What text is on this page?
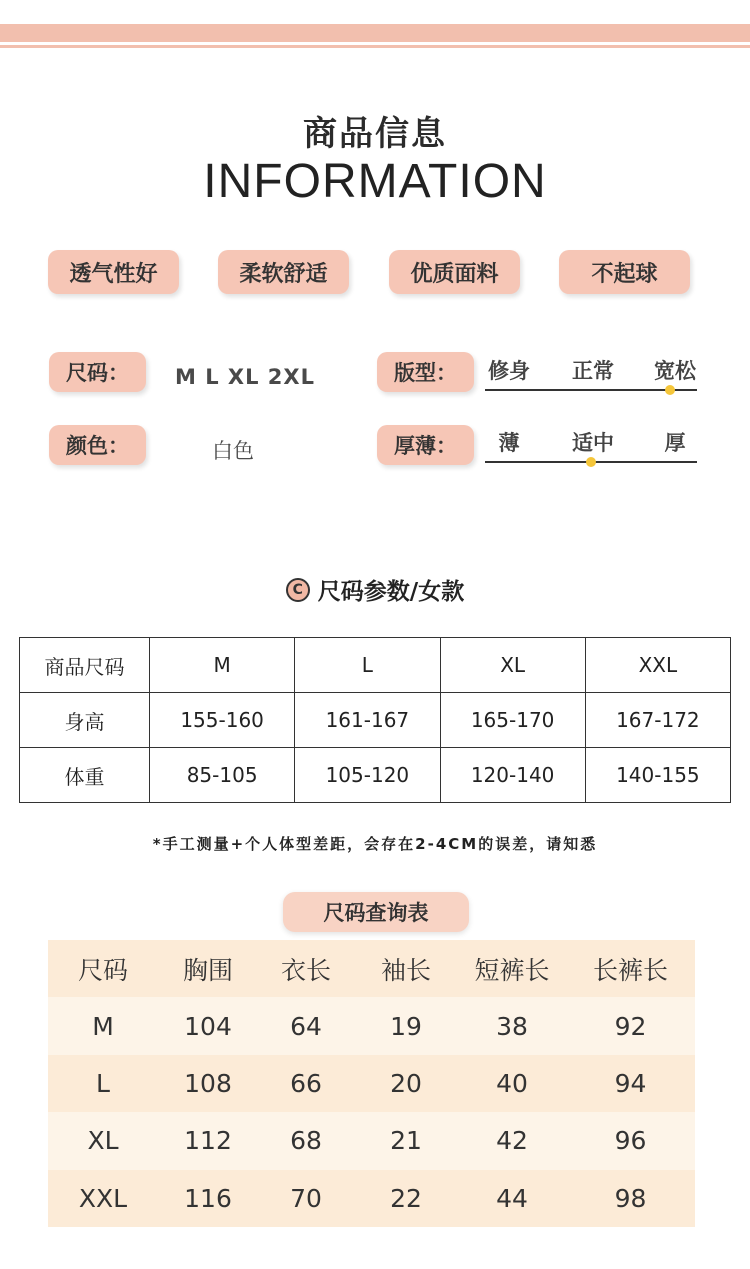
商品信息
INFORMATION
透气性好	柔软舒适	优质面料	不起球
尺码：	M L XL 2XL
颜色：	白色
版型：	修身 正常 宽松
厚薄：	薄	适中 厚
C 尺码参数/女款
商品尺码	M	L	XL	XXL
身高	155-160	161-167	165-170	167-172
体重	85-105	105-120	120-140	140-155
*手工测量+个人体型差距，会存在2-4CM的误差，请知悉
尺码查询表
尺码	胸围	衣长	袖长	短裤长	长裤长
M	104	64	19	38	92
L	108	66	20	40	94
XL	112	68	21	42	96
XXL	116	70	22	44	98
